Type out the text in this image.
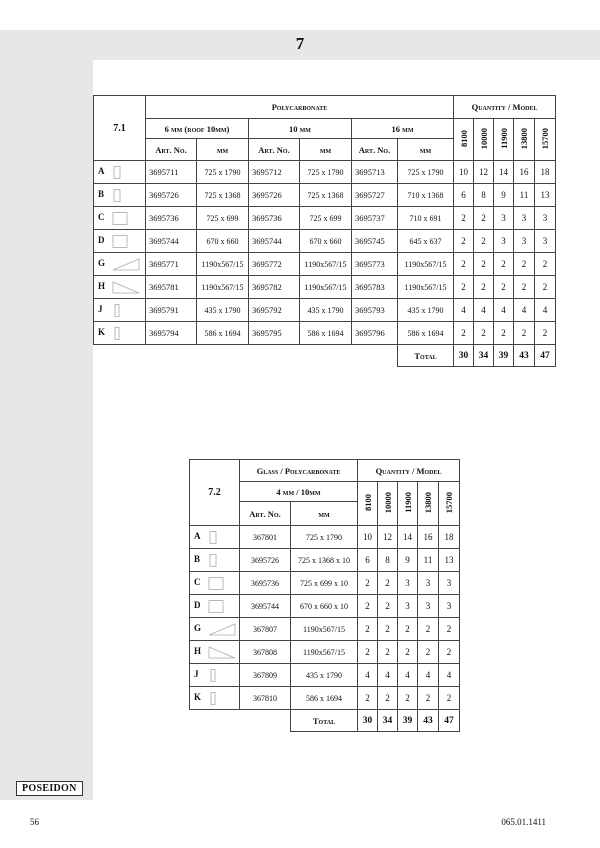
7
POSEIDON
56	065.01.1411
7.1	Polycarbonate						Quantity / Model				
	6 mm (roof 10mm)		10 mm		16 mm		8100	10000	11900	13800	15700
	Art. No.	mm	Art. No.	mm	Art. No.	mm					
A	3695711	725 x 1790	3695712	725 x 1790	3695713	725 x 1790	10	12	14	16	18
B	3695726	725 x 1368	3695726	725 x 1368	3695727	710 x 1368	6	8	9	11	13
C	3695736	725 x 699	3695736	725 x 699	3695737	710 x 691	2	2	3	3	3
D	3695744	670 x 660	3695744	670 x 660	3695745	645 x 637	2	2	3	3	3
G	3695771	1190x567/15	3695772	1190x567/15	3695773	1190x567/15	2	2	2	2	2
H	3695781	1190x567/15	3695782	1190x567/15	3695783	1190x567/15	2	2	2	2	2
J	3695791	435 x 1790	3695792	435 x 1790	3695793	435 x 1790	4	4	4	4	4
K	3695794	586 x 1694	3695795	586 x 1694	3695796	586 x 1694	2	2	2	2	2
						Total	30	34	39	43	47
7.2	Glass / Polycarbonate		Quantity / Model				
	4 mm / 10mm		8100	10000	11900	13800	15700
	Art. No.	mm					
A	367801	725 x 1790	10	12	14	16	18
B	3695726	725 x 1368 x 10	6	8	9	11	13
C	3695736	725 x 699 x 10	2	2	3	3	3
D	3695744	670 x 660 x 10	2	2	3	3	3
G	367807	1190x567/15	2	2	2	2	2
H	367808	1190x567/15	2	2	2	2	2
J	367809	435 x 1790	4	4	4	4	4
K	367810	586 x 1694	2	2	2	2	2
		Total	30	34	39	43	47
